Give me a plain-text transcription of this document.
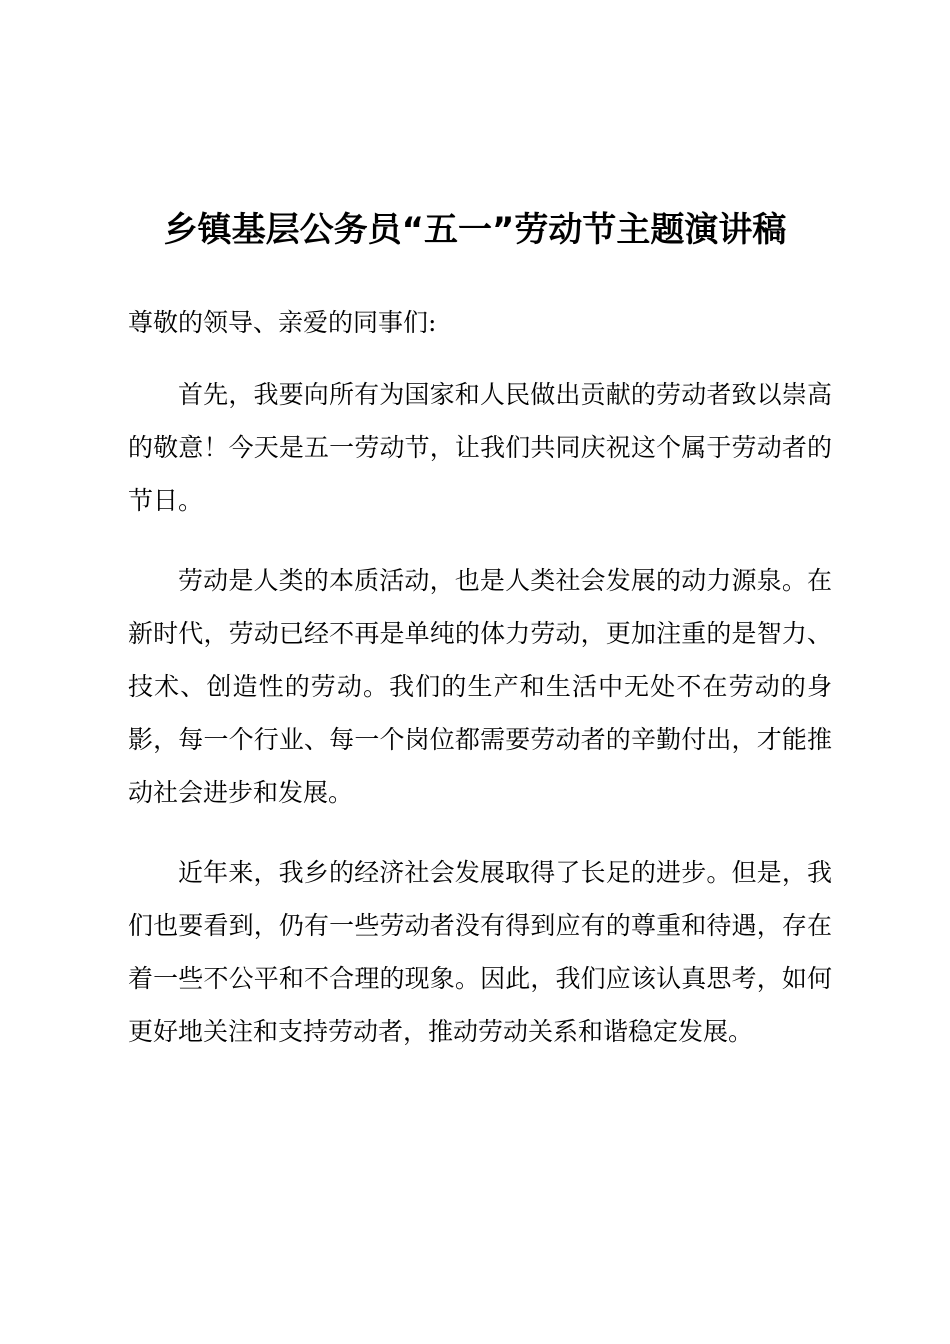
乡镇基层公务员“五一”劳动节主题演讲稿

尊敬的领导、亲爱的同事们:

首先，我要向所有为国家和人民做出贡献的劳动者致以崇高的敬意！今天是五一劳动节，让我们共同庆祝这个属于劳动者的节日。

劳动是人类的本质活动，也是人类社会发展的动力源泉。在新时代，劳动已经不再是单纯的体力劳动，更加注重的是智力、技术、创造性的劳动。我们的生产和生活中无处不在劳动的身影，每一个行业、每一个岗位都需要劳动者的辛勤付出，才能推动社会进步和发展。

近年来，我乡的经济社会发展取得了长足的进步。但是，我们也要看到，仍有一些劳动者没有得到应有的尊重和待遇，存在着一些不公平和不合理的现象。因此，我们应该认真思考，如何更好地关注和支持劳动者，推动劳动关系和谐稳定发展。
